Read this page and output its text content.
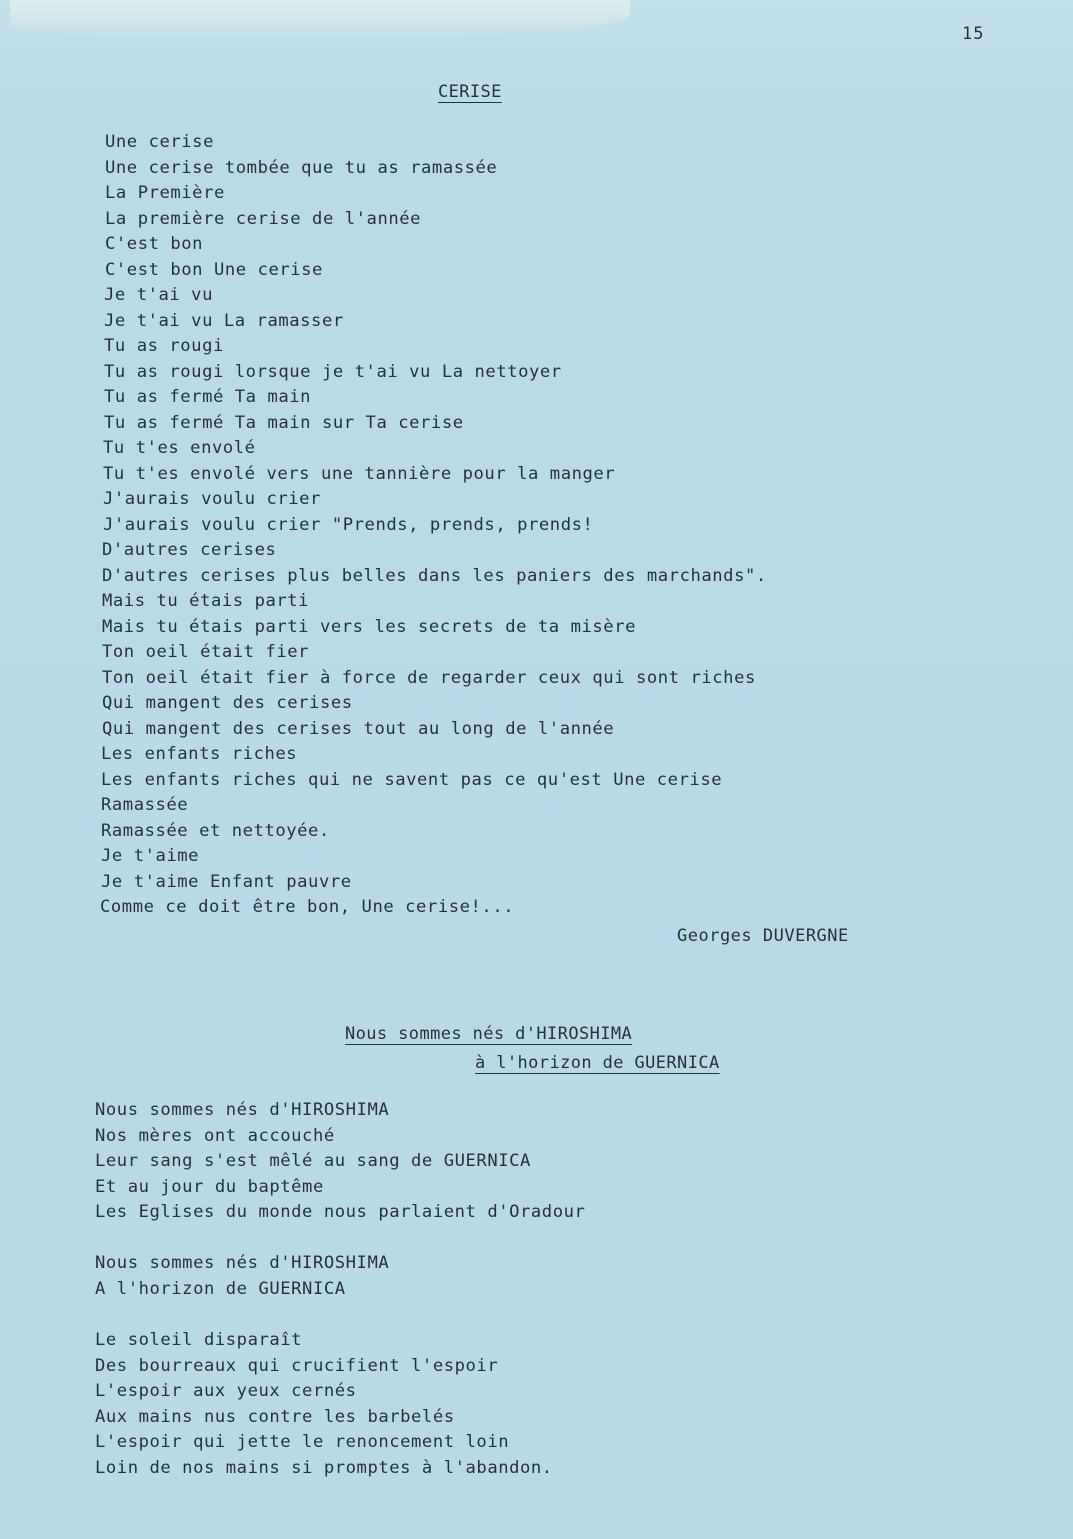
15
CERISE
Une cerise
Une cerise tombée que tu as ramassée
La Première
La première cerise de l'année
C'est bon
C'est bon Une cerise
Je t'ai vu
Je t'ai vu La ramasser
Tu as rougi
Tu as rougi lorsque je t'ai vu La nettoyer
Tu as fermé Ta main
Tu as fermé Ta main sur Ta cerise
Tu t'es envolé
Tu t'es envolé vers une tannière pour la manger
J'aurais voulu crier
J'aurais voulu crier "Prends, prends, prends!
D'autres cerises
D'autres cerises plus belles dans les paniers des marchands".
Mais tu étais parti
Mais tu étais parti vers les secrets de ta misère
Ton oeil était fier
Ton oeil était fier à force de regarder ceux qui sont riches
Qui mangent des cerises
Qui mangent des cerises tout au long de l'année
Les enfants riches
Les enfants riches qui ne savent pas ce qu'est Une cerise
Ramassée
Ramassée et nettoyée.
Je t'aime
Je t'aime Enfant pauvre
Comme ce doit être bon, Une cerise!...
Georges DUVERGNE
Nous sommes nés d'HIROSHIMA
à l'horizon de GUERNICA
Nous sommes nés d'HIROSHIMA
Nos mères ont accouché
Leur sang s'est mêlé au sang de GUERNICA
Et au jour du baptême
Les Eglises du monde nous parlaient d'Oradour
Nous sommes nés d'HIROSHIMA
A l'horizon de GUERNICA
Le soleil disparaît
Des bourreaux qui crucifient l'espoir
L'espoir aux yeux cernés
Aux mains nus contre les barbelés
L'espoir qui jette le renoncement loin
Loin de nos mains si promptes à l'abandon.
